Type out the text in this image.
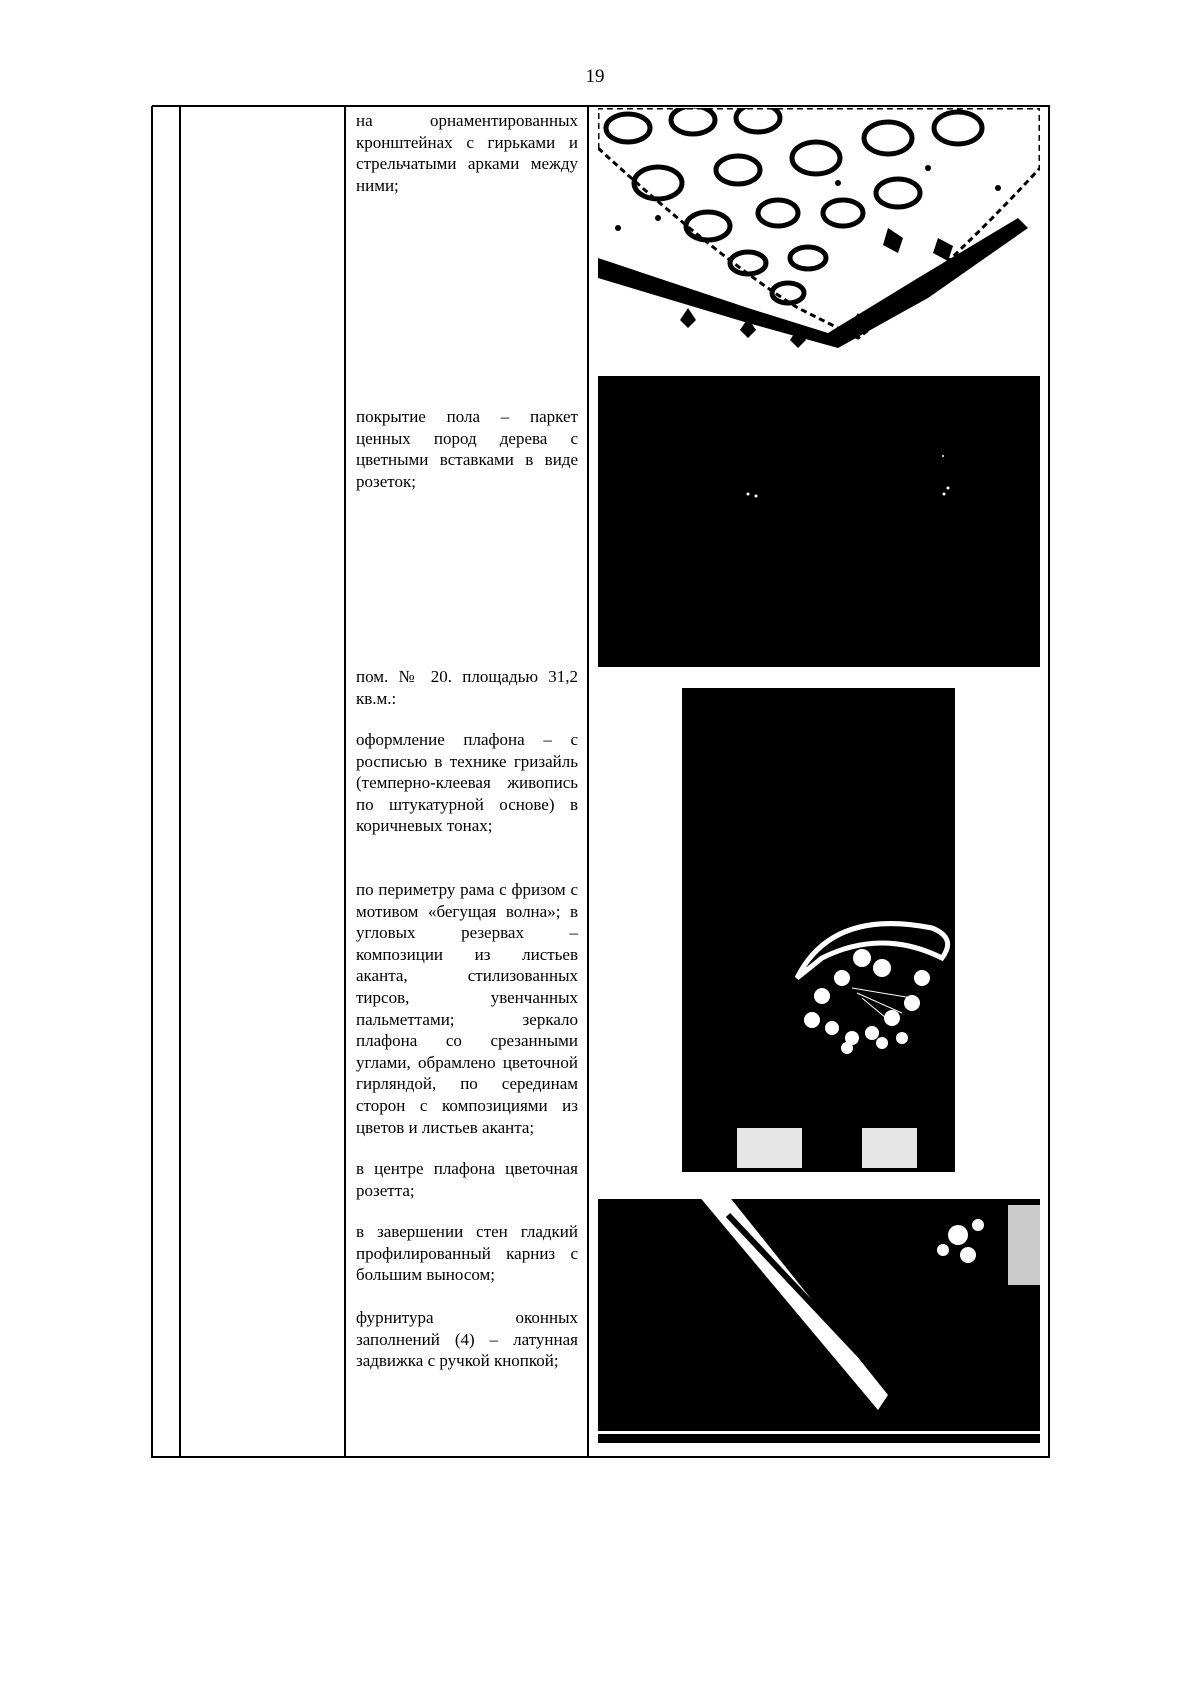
19
на орнаментированных кронштейнах с гирьками и стрельчатыми арками между ними;
покрытие пола – паркет ценных пород дерева с цветными вставками в виде розеток;
пом. № 20. площадью 31,2 кв.м.:
оформление плафона – с росписью в технике гризайль (темперно-клеевая живопись по штукатурной основе) в коричневых тонах;
по периметру рама с фризом с мотивом «бегущая волна»; в угловых резервах – композиции из листьев аканта, стилизованных тирсов, увенчанных пальметтами; зеркало плафона со срезанными углами, обрамлено цветочной гирляндой, по серединам сторон с композициями из цветов и листьев аканта;
в центре плафона цветочная розетта;
в завершении стен гладкий профилированный карниз с большим выносом;
фурнитура оконных заполнений (4) – латунная задвижка с ручкой кнопкой;
